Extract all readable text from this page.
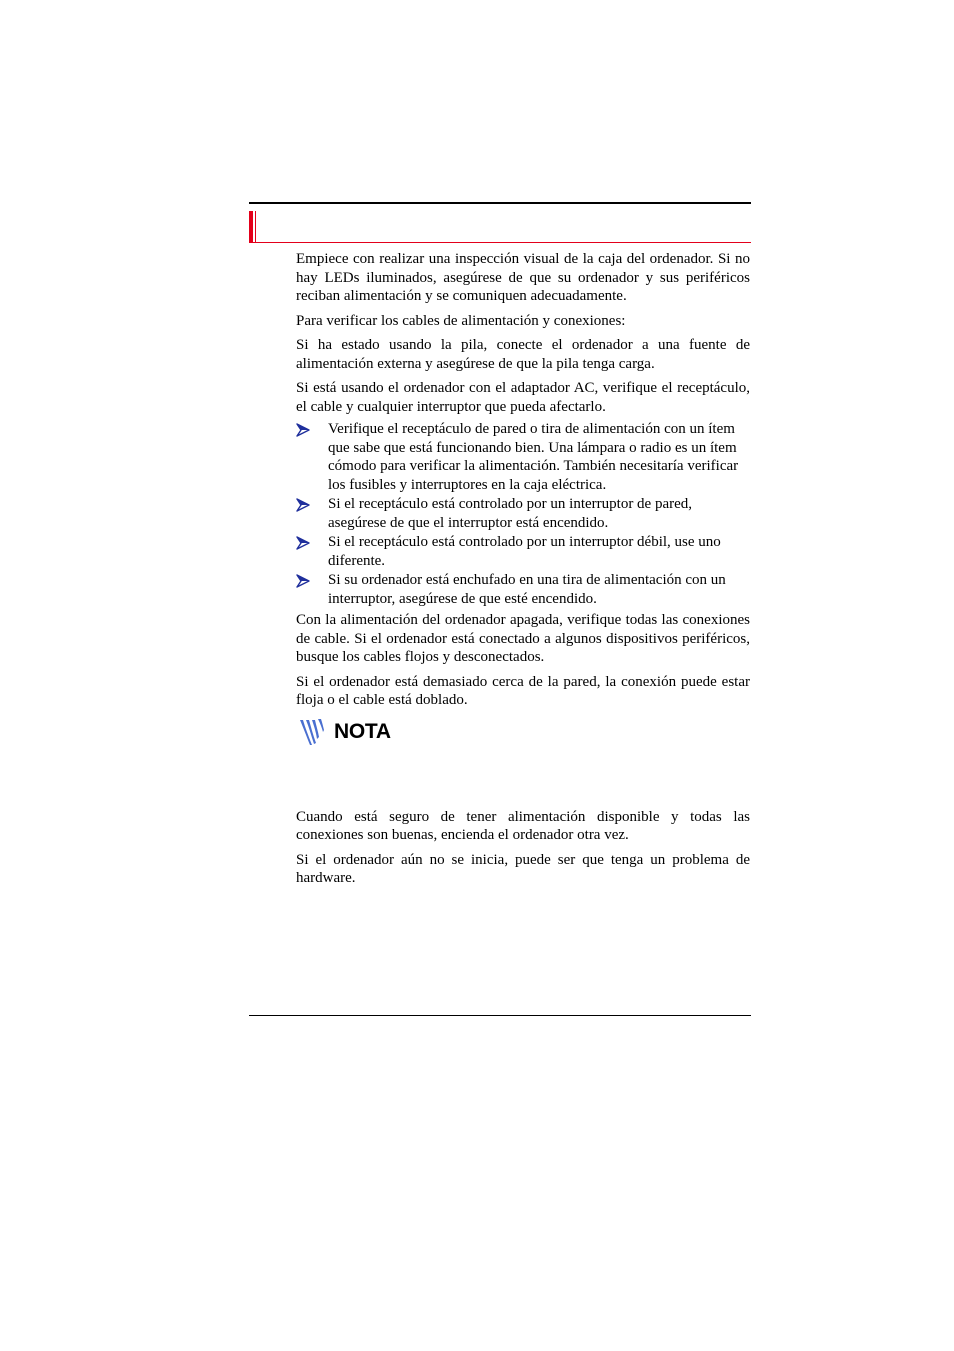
Empiece con realizar una inspección visual de la caja del ordenador. Si no hay LEDs iluminados, asegúrese de que su ordenador y sus periféricos reciban alimentación y se comuniquen adecuadamente.

Para verificar los cables de alimentación y conexiones:

Si ha estado usando la pila, conecte el ordenador a una fuente de alimentación externa y asegúrese de que la pila tenga carga.

Si está usando el ordenador con el adaptador AC, verifique el receptáculo, el cable y cualquier interruptor que pueda afectarlo.

Verifique el receptáculo de pared o tira de alimentación con un ítem que sabe que está funcionando bien. Una lámpara o radio es un ítem cómodo para verificar la alimentación. También necesitaría verificar los fusibles y interruptores en la caja eléctrica.
Si el receptáculo está controlado por un interruptor de pared, asegúrese de que el interruptor está encendido.
Si el receptáculo está controlado por un interruptor débil, use uno diferente.
Si su ordenador está enchufado en una tira de alimentación con un interruptor, asegúrese de que esté encendido.

Con la alimentación del ordenador apagada, verifique todas las conexiones de cable. Si el ordenador está conectado a algunos dispositivos periféricos, busque los cables flojos y desconectados.

Si el ordenador está demasiado cerca de la pared, la conexión puede estar floja o el cable está doblado.

NOTA

Cuando está seguro de tener alimentación disponible y todas las conexiones son buenas, encienda el ordenador otra vez.

Si el ordenador aún no se inicia, puede ser que tenga un problema de hardware.
